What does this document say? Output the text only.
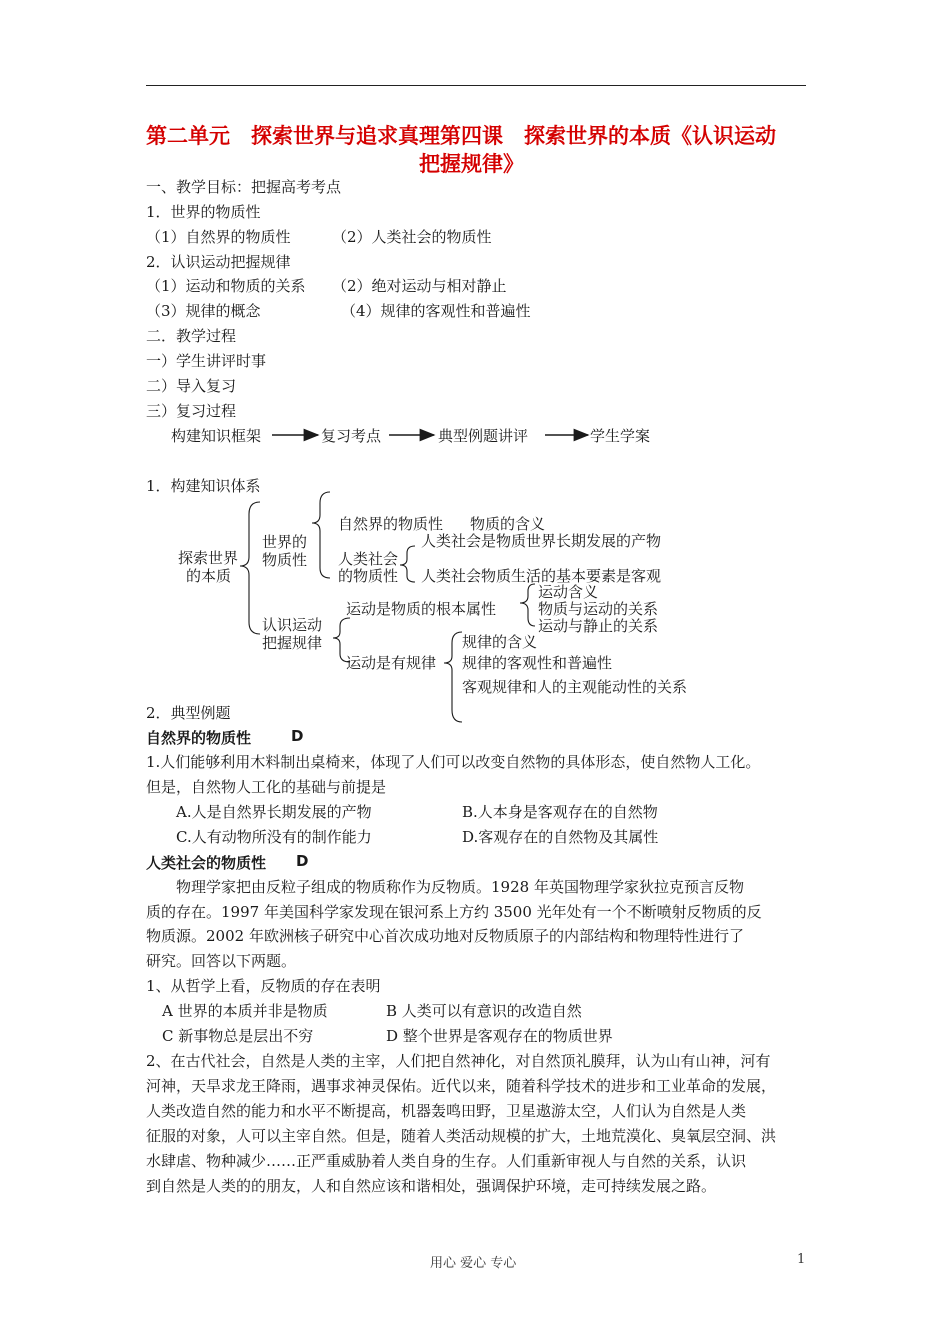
第二单元　探索世界与追求真理第四课　探索世界的本质《认识运动
把握规律》
一、教学目标：把握高考考点
1．世界的物质性
（1）自然界的物质性	（2）人类社会的物质性
2．认识运动把握规律
（1）运动和物质的关系 （2）绝对运动与相对静止
（3）规律的概念	（4）规律的客观性和普遍性
二．教学过程
一）学生讲评时事
二）导入复习
三）复习过程
构建知识框架	复习考点	典型例题讲评	学生学案
1．构建知识体系
探索世界
的本质
世界的
物质性
自然界的物质性 物质的含义
人类社会
的物质性
人类社会是物质世界长期发展的产物
人类社会物质生活的基本要素是客观
认识运动
把握规律
运动是物质的根本属性
运动含义
物质与运动的关系
运动与静止的关系
运动是有规律
规律的含义
规律的客观性和普遍性
客观规律和人的主观能动性的关系
2．典型例题
自然界的物质性	D
1.人们能够利用木料制出桌椅来，体现了人们可以改变自然物的具体形态，使自然物人工化。
但是，自然物人工化的基础与前提是
A.人是自然界长期发展的产物	B.人本身是客观存在的自然物
C.人有动物所没有的制作能力	D.客观存在的自然物及其属性
人类社会的物质性 D
物理学家把由反粒子组成的物质称作为反物质。1928 年英国物理学家狄拉克预言反物
质的存在。1997 年美国科学家发现在银河系上方约 3500 光年处有一个不断喷射反物质的反
物质源。2002 年欧洲核子研究中心首次成功地对反物质原子的内部结构和物理特性进行了
研究。回答以下两题。
1、从哲学上看，反物质的存在表明
A 世界的本质并非是物质	B 人类可以有意识的改造自然
C 新事物总是层出不穷	D 整个世界是客观存在的物质世界
2、在古代社会，自然是人类的主宰，人们把自然神化，对自然顶礼膜拜，认为山有山神，河有
河神，天旱求龙王降雨，遇事求神灵保佑。近代以来，随着科学技术的进步和工业革命的发展，
人类改造自然的能力和水平不断提高，机器轰鸣田野，卫星遨游太空，人们认为自然是人类
征服的对象，人可以主宰自然。但是，随着人类活动规模的扩大，土地荒漠化、臭氧层空洞、洪
水肆虐、物种减少……正严重威胁着人类自身的生存。人们重新审视人与自然的关系，认识
到自然是人类的的朋友，人和自然应该和谐相处，强调保护环境，走可持续发展之路。
用心 爱心 专心	1
